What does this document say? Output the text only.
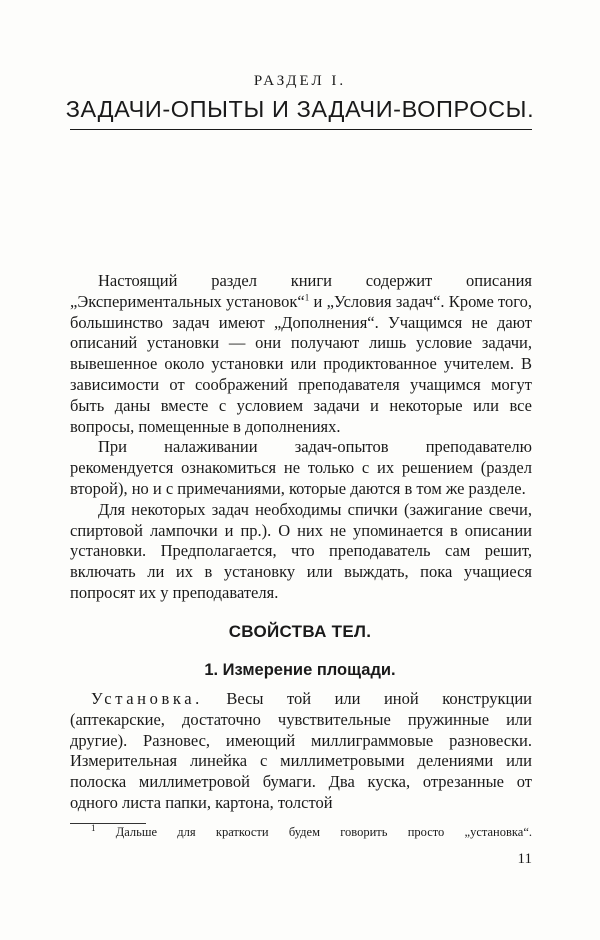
РАЗДЕЛ I.
ЗАДАЧИ-ОПЫТЫ И ЗАДАЧИ-ВОПРОСЫ.

Настоящий раздел книги содержит описания „Экспериментальных установок“$^1$ и „Условия задач“. Кроме того, большинство задач имеют „Дополнения“. Учащимся не дают описаний установки — они получают лишь условие задачи, вывешенное около установки или продиктованное учителем. В зависимости от соображений преподавателя учащимся могут быть даны вместе с условием задачи и некоторые или все вопросы, помещенные в дополнениях.

При налаживании задач-опытов преподавателю рекомендуется ознакомиться не только с их решением (раздел второй), но и с примечаниями, которые даются в том же разделе.

Для некоторых задач необходимы спички (зажигание свечи, спиртовой лампочки и пр.). О них не упоминается в описании установки. Предполагается, что преподаватель сам решит, включать ли их в установку или выждать, пока учащиеся попросят их у преподавателя.

СВОЙСТВА ТЕЛ.
1. Измерение площади.

Установка. Весы той или иной конструкции (аптекарские, достаточно чувствительные пружинные или другие). Разновес, имеющий миллиграммовые разновески. Измерительная линейка с миллиметровыми делениями или полоска миллиметровой бумаги. Два куска, отрезанные от одного листа папки, картона, толстой

$^1$ Дальше для краткости будем говорить просто „установка“.
11
